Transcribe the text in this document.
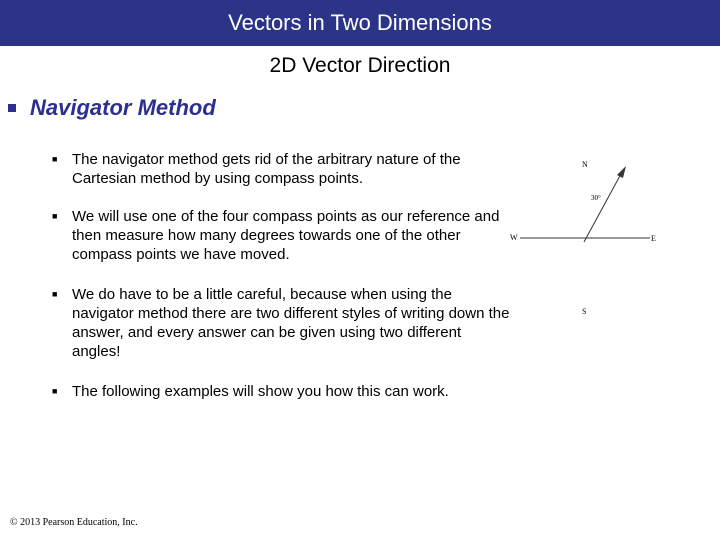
Vectors in Two Dimensions
2D Vector Direction
Navigator Method
■ The navigator method gets rid of the arbitrary nature of the Cartesian method by using compass points.
■ We will use one of the four compass points as our reference and then measure how many degrees towards one of the other compass points we have moved.
■ We do have to be a little careful, because when using the navigator method there are two different styles of writing down the answer, and every answer can be given using two different angles!
■ The following examples will show you how this can work.
N
S
W	E
30°
© 2013 Pearson Education, Inc.
